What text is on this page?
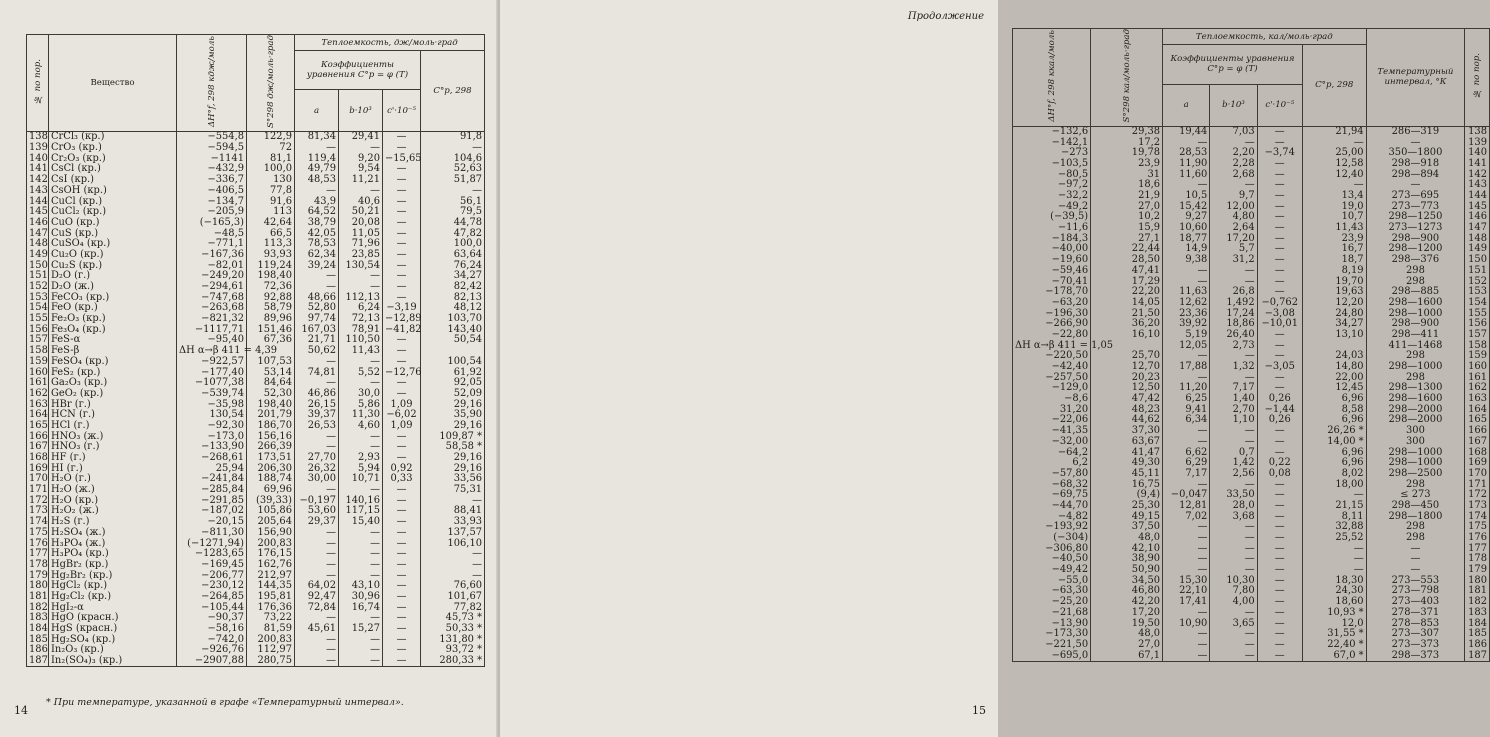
№ по пор.	Вещество	ΔH°f, 298 кдж/моль	S°298 дж/моль·град	Теплоемкость, дж/моль·град			
				Коэффициенты уравнения C°p = φ (T)			C°p, 298
				a	b·10³	c'·10⁻⁵	
138	CrCl₃ (кр.)	−554,8	122,9	81,34	29,41	—	91,8
139	CrO₃ (кр.)	−594,5	72	—	—	—	—
140	Cr₂O₃ (кр.)	−1141	81,1	119,4	9,20	−15,65	104,6
141	CsCl (кр.)	−432,9	100,0	49,79	9,54	—	52,63
142	CsI (кр.)	−336,7	130	48,53	11,21	—	51,87
143	CsOH (кр.)	−406,5	77,8	—	—	—	—
144	CuCl (кр.)	−134,7	91,6	43,9	40,6	—	56,1
145	CuCl₂ (кр.)	−205,9	113	64,52	50,21	—	79,5
146	CuO (кр.)	(−165,3)	42,64	38,79	20,08	—	44,78
147	CuS (кр.)	−48,5	66,5	42,05	11,05	—	47,82
148	CuSO₄ (кр.)	−771,1	113,3	78,53	71,96	—	100,0
149	Cu₂O (кр.)	−167,36	93,93	62,34	23,85	—	63,64
150	Cu₂S (кр.)	−82,01	119,24	39,24	130,54	—	76,24
151	D₂O (г.)	−249,20	198,40	—	—	—	34,27
152	D₂O (ж.)	−294,61	72,36	—	—	—	82,42
153	FeCO₃ (кр.)	−747,68	92,88	48,66	112,13	—	82,13
154	FeO (кр.)	−263,68	58,79	52,80	6,24	−3,19	48,12
155	Fe₂O₃ (кр.)	−821,32	89,96	97,74	72,13	−12,89	103,70
156	Fe₃O₄ (кр.)	−1117,71	151,46	167,03	78,91	−41,82	143,40
157	FeS-α	−95,40	67,36	21,71	110,50	—	50,54
158	FeS-β	ΔH α→β 411 = 4,39		50,62	11,43	—	
159	FeSO₄ (кр.)	−922,57	107,53	—	—	—	100,54
160	FeS₂ (кр.)	−177,40	53,14	74,81	5,52	−12,76	61,92
161	Ga₂O₃ (кр.)	−1077,38	84,64	—	—	—	92,05
162	GeO₂ (кр.)	−539,74	52,30	46,86	30,0	—	52,09
163	HBr (г.)	−35,98	198,40	26,15	5,86	1,09	29,16
164	HCN (г.)	130,54	201,79	39,37	11,30	−6,02	35,90
165	HCl (г.)	−92,30	186,70	26,53	4,60	1,09	29,16
166	HNO₃ (ж.)	−173,0	156,16	—	—	—	109,87 *
167	HNO₃ (г.)	−133,90	266,39	—	—	—	58,58 *
168	HF (г.)	−268,61	173,51	27,70	2,93	—	29,16
169	HI (г.)	25,94	206,30	26,32	5,94	0,92	29,16
170	H₂O (г.)	−241,84	188,74	30,00	10,71	0,33	33,56
171	H₂O (ж.)	−285,84	69,96	—	—	—	75,31
172	H₂O (кр.)	−291,85	(39,33)	−0,197	140,16	—	—
173	H₂O₂ (ж.)	−187,02	105,86	53,60	117,15	—	88,41
174	H₂S (г.)	−20,15	205,64	29,37	15,40	—	33,93
175	H₂SO₄ (ж.)	−811,30	156,90	—	—	—	137,57
176	H₃PO₄ (ж.)	(−1271,94)	200,83	—	—	—	106,10
177	H₃PO₄ (кр.)	−1283,65	176,15	—	—	—	—
178	HgBr₂ (кр.)	−169,45	162,76	—	—	—	—
179	Hg₂Br₂ (кр.)	−206,77	212,97	—	—	—	—
180	HgCl₂ (кр.)	−230,12	144,35	64,02	43,10	—	76,60
181	Hg₂Cl₂ (кр.)	−264,85	195,81	92,47	30,96	—	101,67
182	HgI₂-α	−105,44	176,36	72,84	16,74	—	77,82
183	HgO (красн.)	−90,37	73,22	—	—	—	45,73 *
184	HgS (красн.)	−58,16	81,59	45,61	15,27	—	50,33 *
185	Hg₂SO₄ (кр.)	−742,0	200,83	—	—	—	131,80 *
186	In₂O₃ (кр.)	−926,76	112,97	—	—	—	93,72 *
187	In₂(SO₄)₃ (кр.)	−2907,88	280,75	—	—	—	280,33 *
* При температуре, указанной в графе «Температурный интервал».
14
Продолжение
ΔH°f, 298 ккал/моль	S°298 кал/моль·град	Теплоемкость, кал/моль·град				Температурный интервал, °К	№ по пор.
		Коэффициенты уравнения C°p = φ (T)			C°p, 298		
		a	b·10³	c'·10⁻⁵			
−132,6	29,38	19,44	7,03	—	21,94	286—319	138
−142,1	17,2	—	—	—	—	—	139
−273	19,78	28,53	2,20	−3,74	25,00	350—1800	140
−103,5	23,9	11,90	2,28	—	12,58	298—918	141
−80,5	31	11,60	2,68	—	12,40	298—894	142
−97,2	18,6	—	—	—	—	—	143
−32,2	21,9	10,5	9,7	—	13,4	273—695	144
−49,2	27,0	15,42	12,00	—	19,0	273—773	145
(−39,5)	10,2	9,27	4,80	—	10,7	298—1250	146
−11,6	15,9	10,60	2,64	—	11,43	273—1273	147
−184,3	27,1	18,77	17,20	—	23,9	298—900	148
−40,00	22,44	14,9	5,7	—	16,7	298—1200	149
−19,60	28,50	9,38	31,2	—	18,7	298—376	150
−59,46	47,41	—	—	—	8,19	298	151
−70,41	17,29	—	—	—	19,70	298	152
−178,70	22,20	11,63	26,8	—	19,63	298—885	153
−63,20	14,05	12,62	1,492	−0,762	12,20	298—1600	154
−196,30	21,50	23,36	17,24	−3,08	24,80	298—1000	155
−266,90	36,20	39,92	18,86	−10,01	34,27	298—900	156
−22,80	16,10	5,19	26,40	—	13,10	298—411	157
ΔH α→β 411 = 1,05		12,05	2,73	—		411—1468	158
−220,50	25,70	—	—	—	24,03	298	159
−42,40	12,70	17,88	1,32	−3,05	14,80	298—1000	160
−257,50	20,23	—	—	—	22,00	298	161
−129,0	12,50	11,20	7,17	—	12,45	298—1300	162
−8,6	47,42	6,25	1,40	0,26	6,96	298—1600	163
31,20	48,23	9,41	2,70	−1,44	8,58	298—2000	164
−22,06	44,62	6,34	1,10	0,26	6,96	298—2000	165
−41,35	37,30	—	—	—	26,26 *	300	166
−32,00	63,67	—	—	—	14,00 *	300	167
−64,2	41,47	6,62	0,7	—	6,96	298—1000	168
6,2	49,30	6,29	1,42	0,22	6,96	298—1000	169
−57,80	45,11	7,17	2,56	0,08	8,02	298—2500	170
−68,32	16,75	—	—	—	18,00	298	171
−69,75	(9,4)	−0,047	33,50	—	—	≤ 273	172
−44,70	25,30	12,81	28,0	—	21,15	298—450	173
−4,82	49,15	7,02	3,68	—	8,11	298—1800	174
−193,92	37,50	—	—	—	32,88	298	175
(−304)	48,0	—	—	—	25,52	298	176
−306,80	42,10	—	—	—	—	—	177
−40,50	38,90	—	—	—	—	—	178
−49,42	50,90	—	—	—	—	—	179
−55,0	34,50	15,30	10,30	—	18,30	273—553	180
−63,30	46,80	22,10	7,80	—	24,30	273—798	181
−25,20	42,20	17,41	4,00	—	18,60	273—403	182
−21,68	17,20	—	—	—	10,93 *	278—371	183
−13,90	19,50	10,90	3,65	—	12,0	278—853	184
−173,30	48,0	—	—	—	31,55 *	273—307	185
−221,50	27,0	—	—	—	22,40 *	273—373	186
−695,0	67,1	—	—	—	67,0 *	298—373	187
15
